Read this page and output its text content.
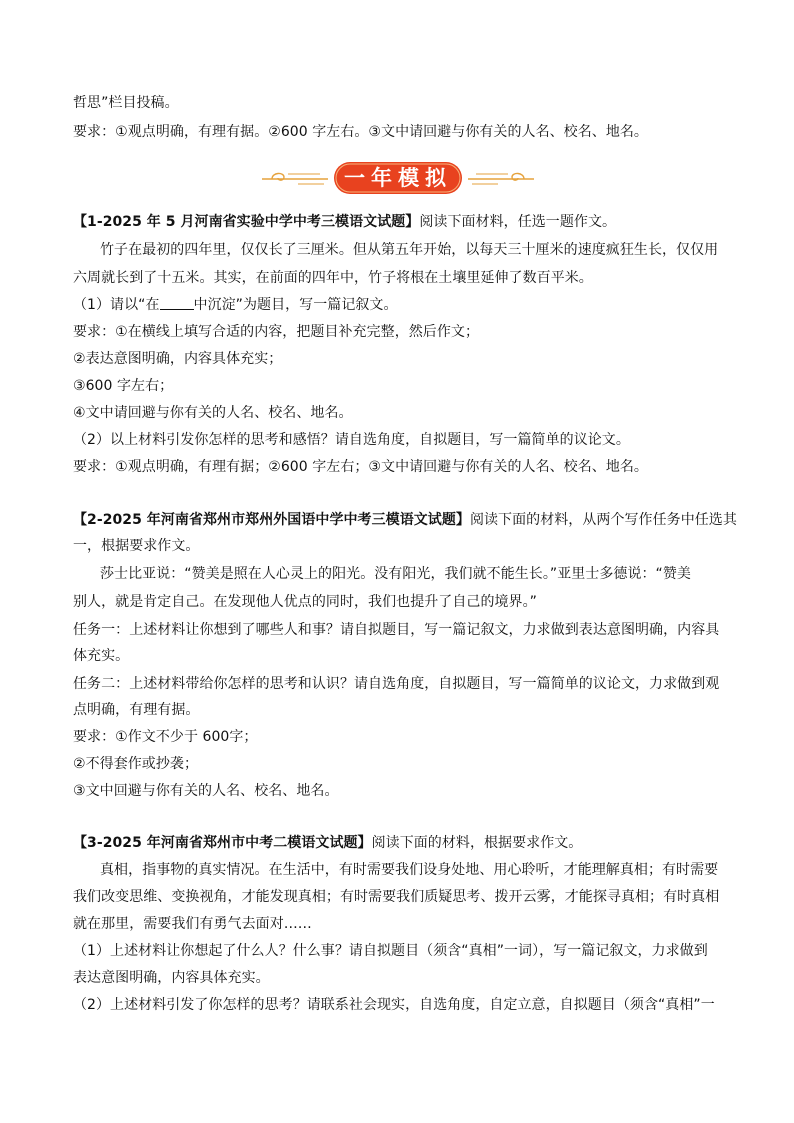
哲思”栏目投稿。
要求：①观点明确，有理有据。②600 字左右。③文中请回避与你有关的人名、校名、地名。
一年模拟
【1-2025 年 5 月河南省实验中学中考三模语文试题】阅读下面材料，任选一题作文。
竹子在最初的四年里，仅仅长了三厘米。但从第五年开始，以每天三十厘米的速度疯狂生长，仅仅用
六周就长到了十五米。其实，在前面的四年中，竹子将根在土壤里延伸了数百平米。
（1）请以“在 中沉淀”为题目，写一篇记叙文。
要求：①在横线上填写合适的内容，把题目补充完整，然后作文；
②表达意图明确，内容具体充实；
③600 字左右；
④文中请回避与你有关的人名、校名、地名。
（2）以上材料引发你怎样的思考和感悟？请自选角度，自拟题目，写一篇简单的议论文。
要求：①观点明确，有理有据；②600 字左右；③文中请回避与你有关的人名、校名、地名。
【2-2025 年河南省郑州市郑州外国语中学中考三模语文试题】阅读下面的材料，从两个写作任务中任选其
一，根据要求作文。
莎士比亚说：“赞美是照在人心灵上的阳光。没有阳光，我们就不能生长。”亚里士多德说：“赞美
别人，就是肯定自己。在发现他人优点的同时，我们也提升了自己的境界。”
任务一：上述材料让你想到了哪些人和事？请自拟题目，写一篇记叙文，力求做到表达意图明确，内容具
体充实。
任务二：上述材料带给你怎样的思考和认识？请自选角度，自拟题目，写一篇简单的议论文，力求做到观
点明确，有理有据。
要求：①作文不少于 600字；
②不得套作或抄袭；
③文中回避与你有关的人名、校名、地名。
【3-2025 年河南省郑州市中考二模语文试题】阅读下面的材料，根据要求作文。
真相，指事物的真实情况。在生活中，有时需要我们设身处地、用心聆听，才能理解真相；有时需要
我们改变思维、变换视角，才能发现真相；有时需要我们质疑思考、拨开云雾，才能探寻真相；有时真相
就在那里，需要我们有勇气去面对……
（1）上述材料让你想起了什么人？什么事？请自拟题目（须含“真相”一词），写一篇记叙文，力求做到
表达意图明确，内容具体充实。
（2）上述材料引发了你怎样的思考？请联系社会现实，自选角度，自定立意，自拟题目（须含“真相”一
